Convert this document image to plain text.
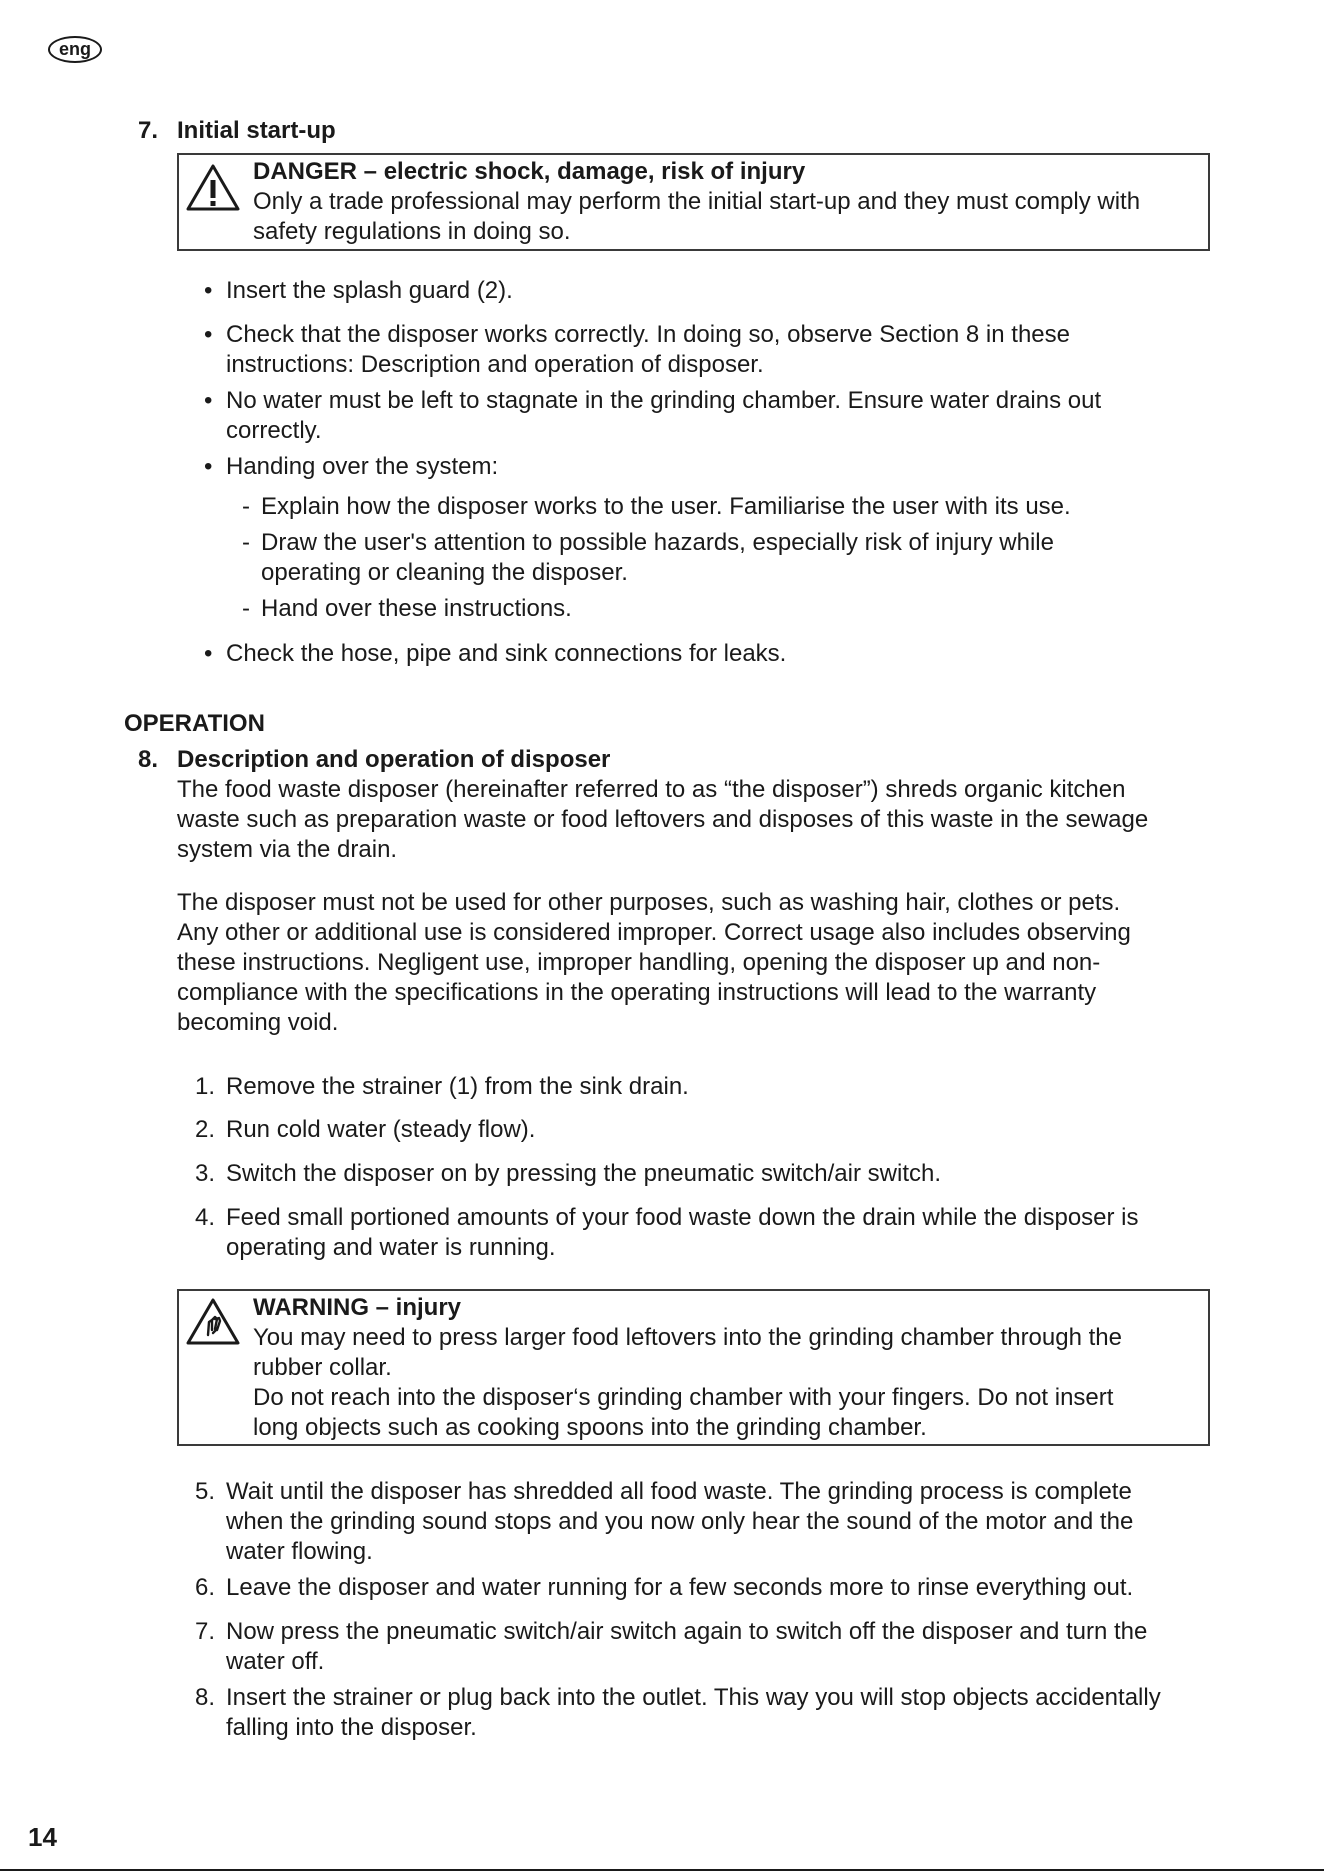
eng
7. Initial start-up
DANGER – electric shock, damage, risk of injury
Only a trade professional may perform the initial start-up and they must comply with
safety regulations in doing so.
• Insert the splash guard (2).
• Check that the disposer works correctly. In doing so, observe Section 8 in these
instructions: Description and operation of disposer.
• No water must be left to stagnate in the grinding chamber. Ensure water drains out
correctly.
• Handing over the system:
- Explain how the disposer works to the user. Familiarise the user with its use.
- Draw the user's attention to possible hazards, especially risk of injury while
operating or cleaning the disposer.
- Hand over these instructions.
• Check the hose, pipe and sink connections for leaks.
OPERATION
8. Description and operation of disposer
The food waste disposer (hereinafter referred to as “the disposer”) shreds organic kitchen
waste such as preparation waste or food leftovers and disposes of this waste in the sewage
system via the drain.
The disposer must not be used for other purposes, such as washing hair, clothes or pets.
Any other or additional use is considered improper. Correct usage also includes observing
these instructions. Negligent use, improper handling, opening the disposer up and non-
compliance with the specifications in the operating instructions will lead to the warranty
becoming void.
1. Remove the strainer (1) from the sink drain.
2. Run cold water (steady flow).
3. Switch the disposer on by pressing the pneumatic switch/air switch.
4. Feed small portioned amounts of your food waste down the drain while the disposer is
operating and water is running.
WARNING – injury
You may need to press larger food leftovers into the grinding chamber through the
rubber collar.
Do not reach into the disposer‘s grinding chamber with your fingers. Do not insert
long objects such as cooking spoons into the grinding chamber.
5. Wait until the disposer has shredded all food waste. The grinding process is complete
when the grinding sound stops and you now only hear the sound of the motor and the
water flowing.
6. Leave the disposer and water running for a few seconds more to rinse everything out.
7. Now press the pneumatic switch/air switch again to switch off the disposer and turn the
water off.
8. Insert the strainer or plug back into the outlet. This way you will stop objects accidentally
falling into the disposer.
14
